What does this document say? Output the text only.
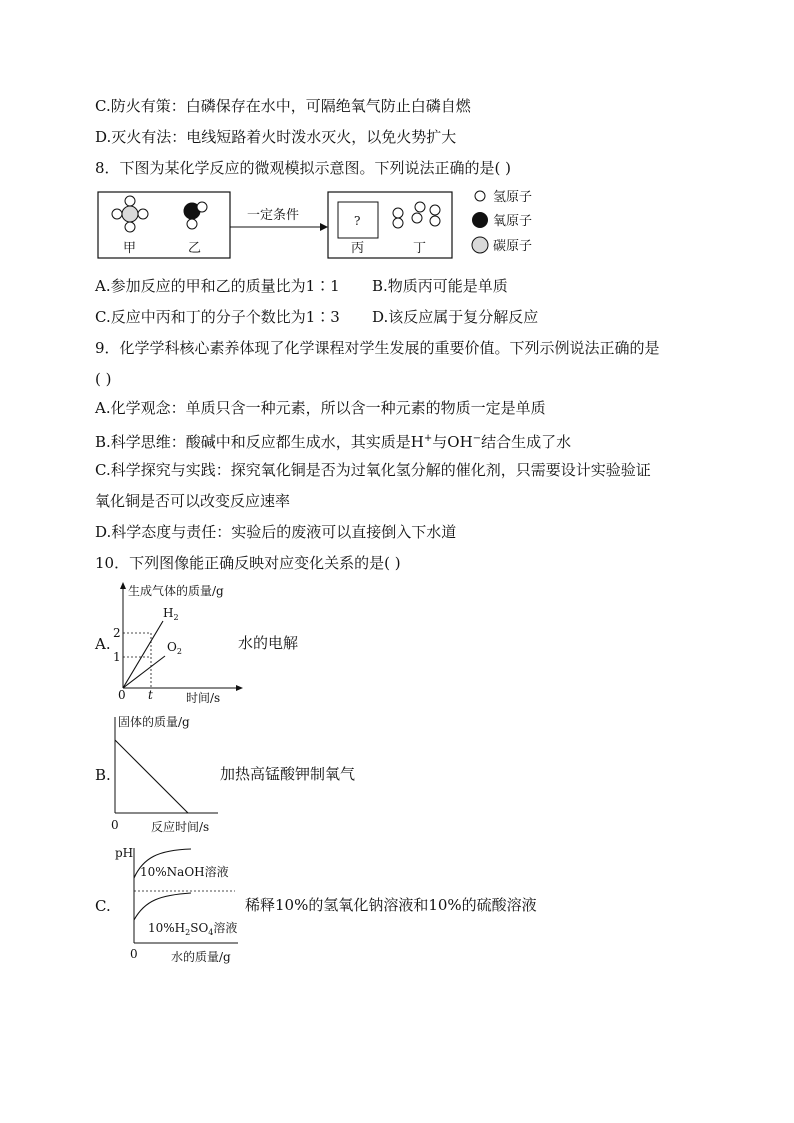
C.防火有策：白磷保存在水中，可隔绝氧气防止白磷自燃
D.灭火有法：电线短路着火时泼水灭火，以免火势扩大
8．下图为某化学反应的微观模拟示意图。下列说法正确的是( )
甲	乙
一定条件	?
丙	丁
氢原子
氧原子
碳原子
A.参加反应的甲和乙的质量比为1∶1 B.物质丙可能是单质
C.反应中丙和丁的分子个数比为1∶3 D.该反应属于复分解反应
9．化学学科核心素养体现了化学课程对学生发展的重要价值。下列示例说法正确的是
( )
A.化学观念：单质只含一种元素，所以含一种元素的物质一定是单质
B.科学思维：酸碱中和反应都生成水，其实质是H+与OH−结合生成了水
C.科学探究与实践：探究氧化铜是否为过氧化氢分解的催化剂，只需要设计实验验证
氧化铜是否可以改变反应速率
D.科学态度与责任：实验后的废液可以直接倒入下水道
10．下列图像能正确反映对应变化关系的是( )
A.
生成气体的质量/g
时间/s
0 t
2
1
$H_2$
$O_2$	水的电解
B.
固体的质量/g
反应时间/s
0
加热高锰酸钾制氧气
C.
pH
水的质量/g
0
10%NaOH溶液
$10\%H_2SO_4$溶液
稀释10%的氢氧化钠溶液和10%的硫酸溶液
